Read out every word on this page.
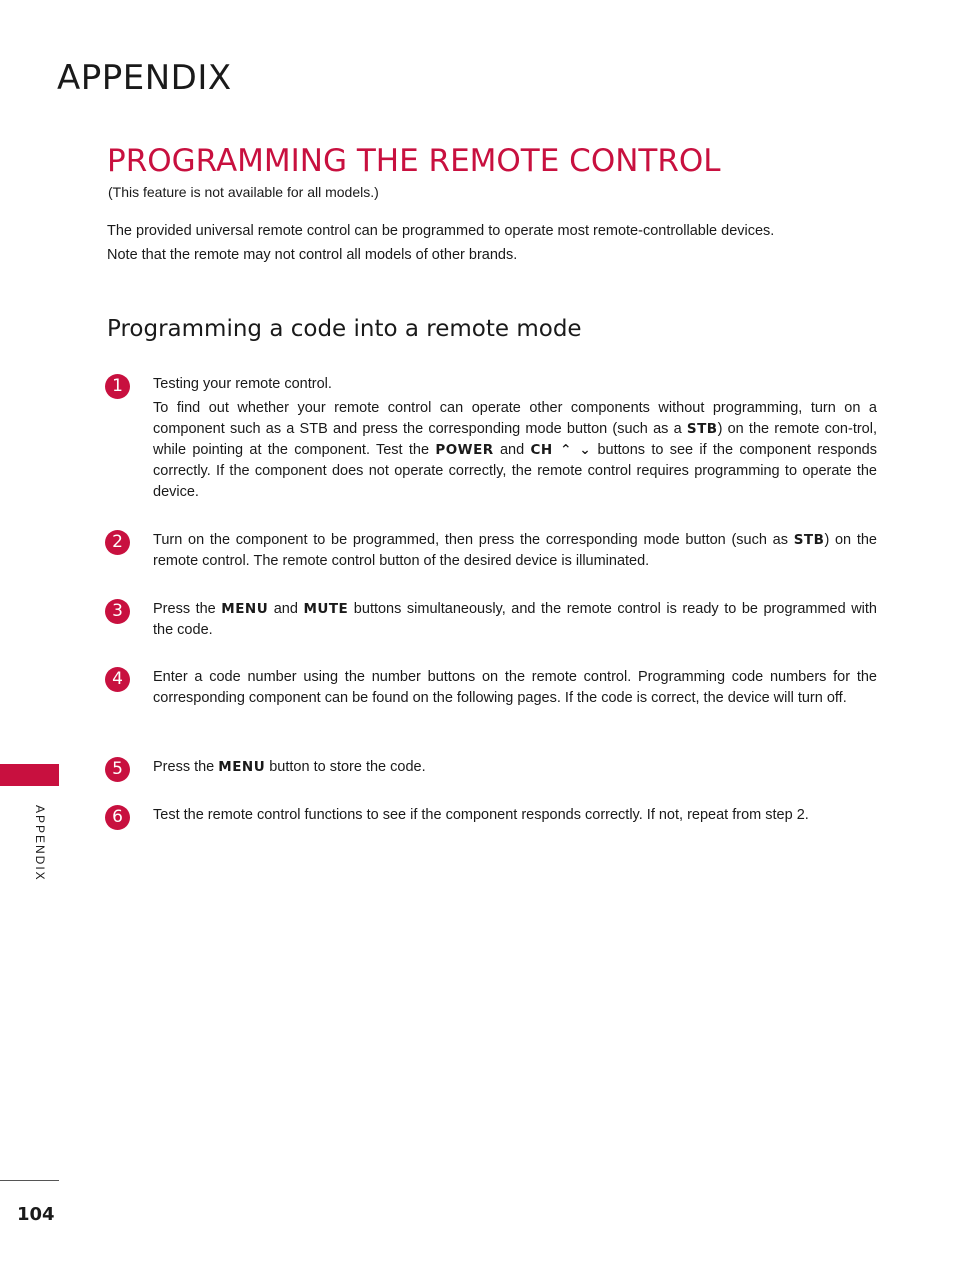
APPENDIX
PROGRAMMING THE REMOTE CONTROL
(This feature is not available for all models.)

The provided universal remote control can be programmed to operate most remote-controllable devices.
Note that the remote may not control all models of other brands.

Programming a code into a remote mode
1	Testing your remote control.

To find out whether your remote control can operate other components without programming, turn on a component such as a STB and press the corresponding mode button (such as a STB) on the remote con-trol, while pointing at the component. Test the POWER and CH ⌃ ⌄ buttons to see if the component responds correctly. If the component does not operate correctly, the remote control requires programming to operate the device.

2	Turn on the component to be programmed, then press the corresponding mode button (such as STB) on the remote control. The remote control button of the desired device is illuminated.

3	Press the MENU and MUTE buttons simultaneously, and the remote control is ready to be programmed with the code.

4	Enter a code number using the number buttons on the remote control. Programming code numbers for the corresponding component can be found on the following pages. If the code is correct, the device will turn off.

5	Press the MENU button to store the code.

6	Test the remote control functions to see if the component responds correctly. If not, repeat from step 2.

APPENDIX
104
